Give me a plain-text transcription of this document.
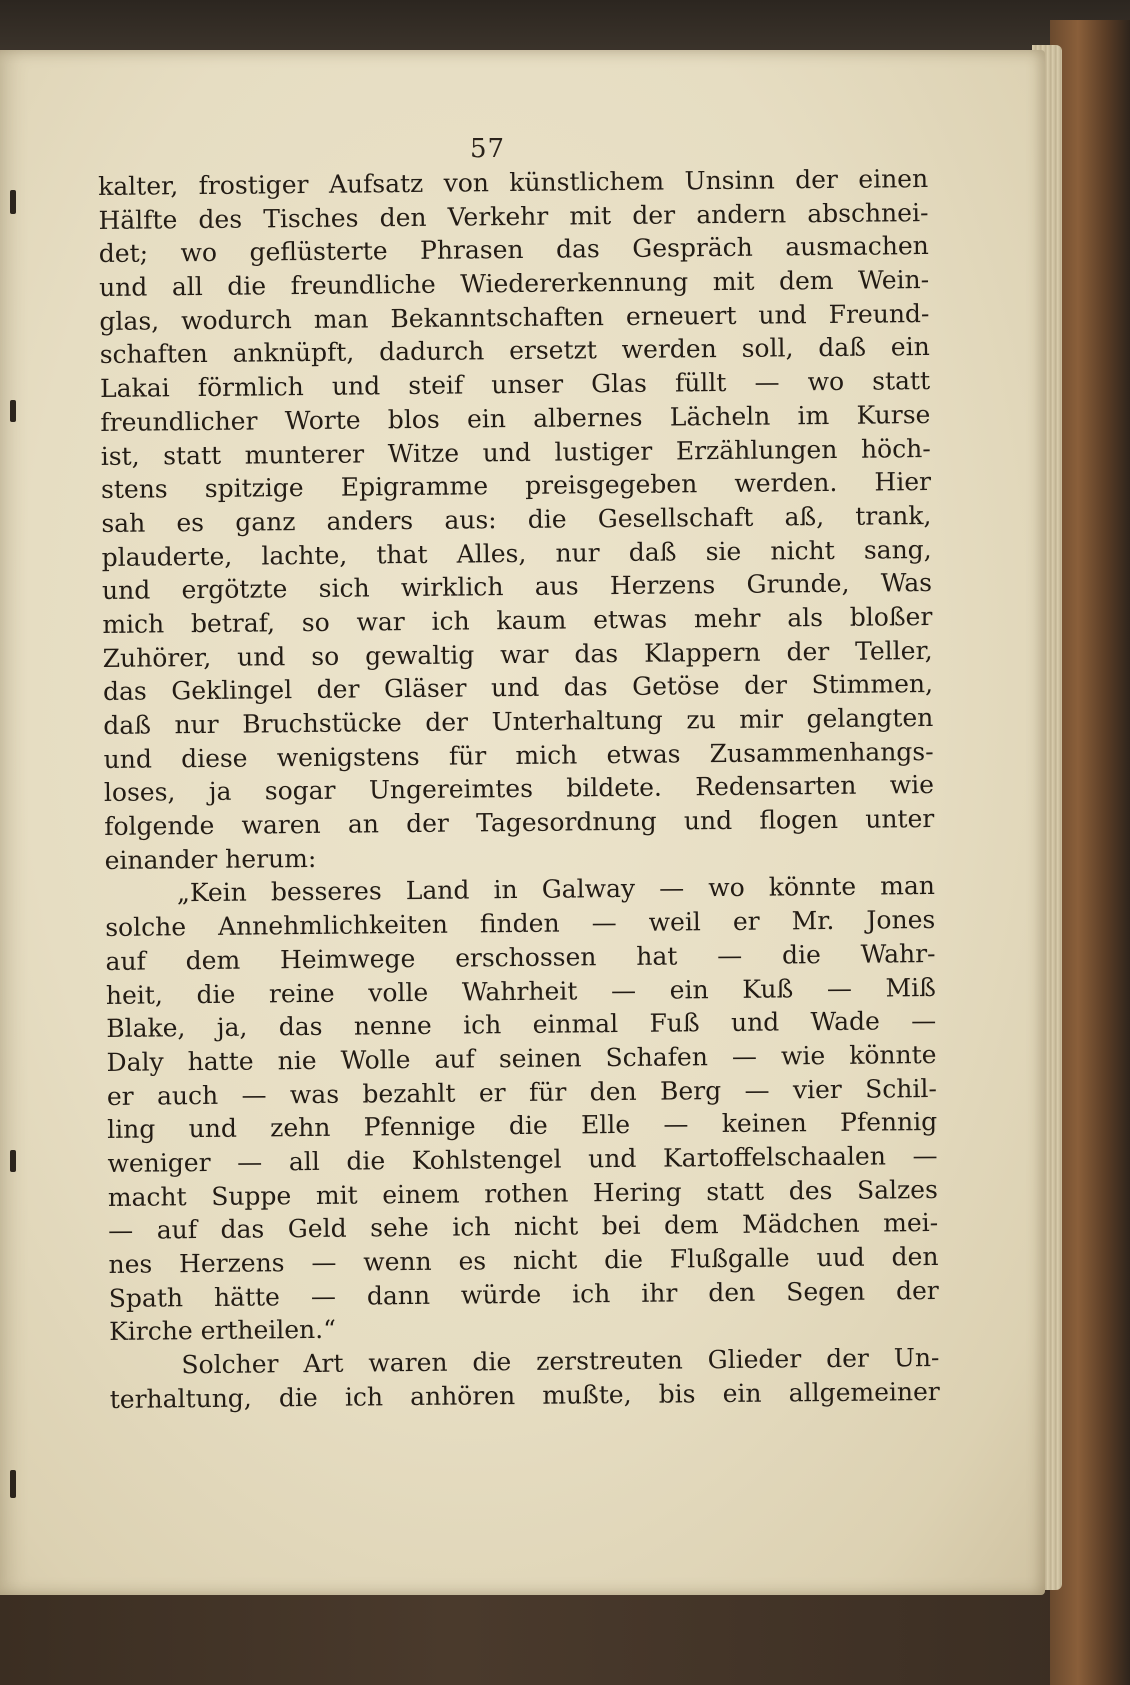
57
kalter, frostiger Aufsatz von künstlichem Unsinn der einen
Hälfte des Tisches den Verkehr mit der andern abschnei-
det; wo geflüsterte Phrasen das Gespräch ausmachen
und all die freundliche Wiedererkennung mit dem Wein-
glas, wodurch man Bekanntschaften erneuert und Freund-
schaften anknüpft, dadurch ersetzt werden soll, daß ein
Lakai förmlich und steif unser Glas füllt — wo statt
freundlicher Worte blos ein albernes Lächeln im Kurse
ist, statt munterer Witze und lustiger Erzählungen höch-
stens spitzige Epigramme preisgegeben werden. Hier
sah es ganz anders aus: die Gesellschaft aß, trank,
plauderte, lachte, that Alles, nur daß sie nicht sang,
und ergötzte sich wirklich aus Herzens Grunde, Was
mich betraf, so war ich kaum etwas mehr als bloßer
Zuhörer, und so gewaltig war das Klappern der Teller,
das Geklingel der Gläser und das Getöse der Stimmen,
daß nur Bruchstücke der Unterhaltung zu mir gelangten
und diese wenigstens für mich etwas Zusammenhangs-
loses, ja sogar Ungereimtes bildete. Redensarten wie
folgende waren an der Tagesordnung und flogen unter
einander herum:
„Kein besseres Land in Galway — wo könnte man
solche Annehmlichkeiten finden — weil er Mr. Jones
auf dem Heimwege erschossen hat — die Wahr-
heit, die reine volle Wahrheit — ein Kuß — Miß
Blake, ja, das nenne ich einmal Fuß und Wade —
Daly hatte nie Wolle auf seinen Schafen — wie könnte
er auch — was bezahlt er für den Berg — vier Schil-
ling und zehn Pfennige die Elle — keinen Pfennig
weniger — all die Kohlstengel und Kartoffelschaalen —
macht Suppe mit einem rothen Hering statt des Salzes
— auf das Geld sehe ich nicht bei dem Mädchen mei-
nes Herzens — wenn es nicht die Flußgalle uud den
Spath hätte — dann würde ich ihr den Segen der
Kirche ertheilen.“
Solcher Art waren die zerstreuten Glieder der Un-
terhaltung, die ich anhören mußte, bis ein allgemeiner
